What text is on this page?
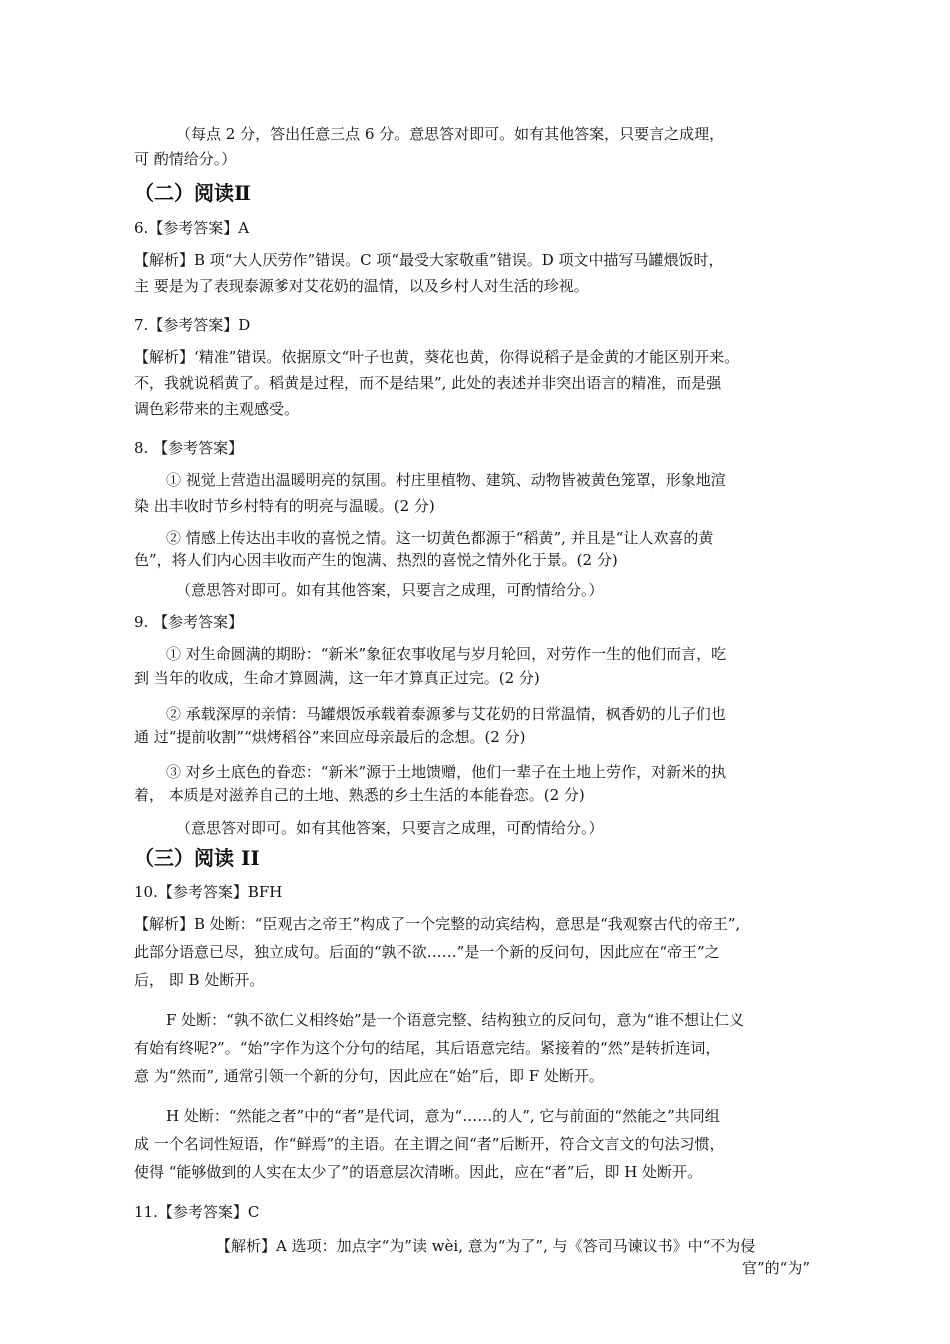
（每点 2 分，答出任意三点 6 分。意思答对即可。如有其他答案，只要言之成理，
可 酌情给分。）
（二）阅读Ⅱ
6.【参考答案】A
【解析】B 项“大人厌劳作”错误。C 项“最受大家敬重”错误。D 项文中描写马罐煨饭时，
主 要是为了表现泰源爹对艾花奶的温情，以及乡村人对生活的珍视。
7.【参考答案】D
【解析】‘精准”错误。依据原文“叶子也黄，葵花也黄，你得说稻子是金黄的才能区别开来。
不，我就说稻黄了。稻黄是过程，而不是结果”, 此处的表述并非突出语言的精准，而是强
调色彩带来的主观感受。
8. 【参考答案】
① 视觉上营造出温暖明亮的氛围。村庄里植物、建筑、动物皆被黄色笼罩，形象地渲
染 出丰收时节乡村特有的明亮与温暖。(2 分)
② 情感上传达出丰收的喜悦之情。这一切黄色都源于“稻黄”, 并且是“让人欢喜的黄
色”，将人们内心因丰收而产生的饱满、热烈的喜悦之情外化于景。(2 分)
（意思答对即可。如有其他答案，只要言之成理，可酌情给分。）
9. 【参考答案】
① 对生命圆满的期盼：“新米”象征农事收尾与岁月轮回，对劳作一生的他们而言，吃
到 当年的收成，生命才算圆满，这一年才算真正过完。(2 分)
② 承载深厚的亲情：马罐煨饭承载着泰源爹与艾花奶的日常温情，枫香奶的儿子们也
通 过“提前收割”“烘烤稻谷”来回应母亲最后的念想。(2 分)
③ 对乡土底色的眷恋：“新米”源于土地馈赠，他们一辈子在土地上劳作，对新米的执
着， 本质是对滋养自己的土地、熟悉的乡土生活的本能眷恋。(2 分)
（意思答对即可。如有其他答案，只要言之成理，可酌情给分。）
（三）阅读 II
10.【参考答案】BFH
【解析】B 处断：“臣观古之帝王”构成了一个完整的动宾结构，意思是“我观察古代的帝王”,
此部分语意已尽，独立成句。后面的“孰不欲……”是一个新的反问句，因此应在“帝王”之
后， 即 B 处断开。
F 处断：“孰不欲仁义相终始”是一个语意完整、结构独立的反问句，意为“谁不想让仁义
有始有终呢?”。“始”字作为这个分句的结尾，其后语意完结。紧接着的“然”是转折连词，
意 为“然而”, 通常引领一个新的分句，因此应在“始”后，即 F 处断开。
H 处断：“然能之者”中的“者”是代词，意为“……的人”, 它与前面的“然能之”共同组
成 一个名词性短语，作“鲜焉”的主语。在主谓之间“者”后断开，符合文言文的句法习惯，
使得 “能够做到的人实在太少了”的语意层次清晰。因此，应在“者”后，即 H 处断开。
11.【参考答案】C
【解析】A 选项：加点字“为”读 wèi, 意为“为了”, 与《答司马谏议书》中“不为侵
官”的“为”
